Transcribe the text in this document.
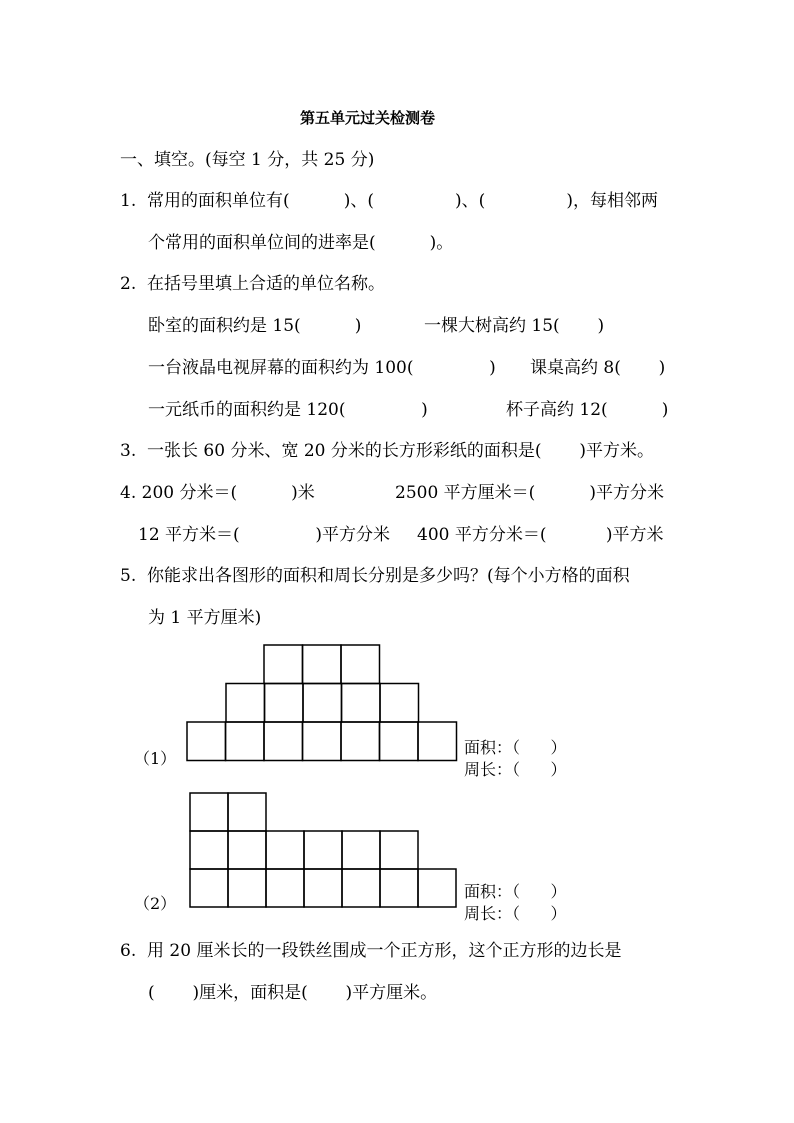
第五单元过关检测卷
一、填空。(每空 1 分，共 25 分)
1.  常用的面积单位有(          )、(               )、(               )，每相邻两
个常用的面积单位间的进率是(          )。
2.  在括号里填上合适的单位名称。
卧室的面积约是 15(          )	一棵大树高约 15(       )
一台液晶电视屏幕的面积约为 100(              ) 课桌高约 8(       )
一元纸币的面积约是 120(              )	杯子高约 12(          )
3.  一张长 60 分米、宽 20 分米的长方形彩纸的面积是(       )平方米。
4. 200 分米＝(          )米	2500 平方厘米＝(          )平方分米
12 平方米＝(              )平方分米 400 平方分米＝(           )平方米
5.  你能求出各图形的面积和周长分别是多少吗？(每个小方格的面积
为 1 平方厘米)
（1）
面积：（      ）
周长：（      ）
（2）
面积：（      ）
周长：（      ）
6.  用 20 厘米长的一段铁丝围成一个正方形，这个正方形的边长是
(       )厘米，面积是(       )平方厘米。
